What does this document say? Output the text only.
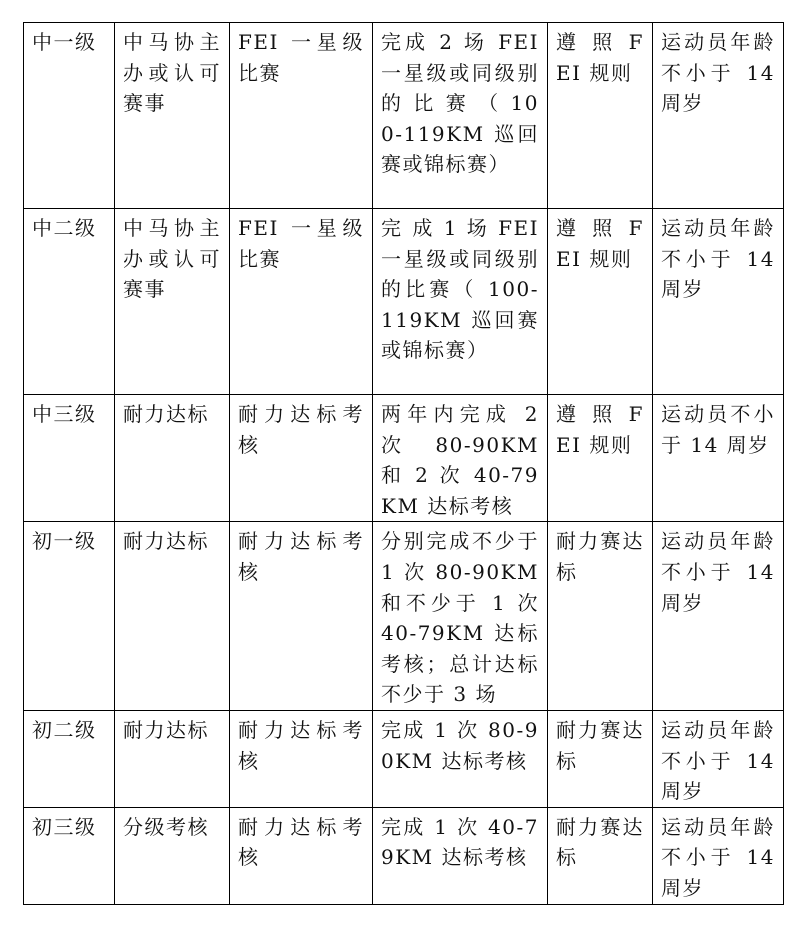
中一级	中马协主办或认可赛事	FEI 一星级比赛	完成 2 场 FEI 一星级或同级别 的 比 赛 （ 100-119KM 巡回赛或锦标赛）	遵 照 FEI 规则	运动员年龄不小于 14 周岁
中二级	中马协主办或认可赛事	FEI 一星级比赛	完 成 1 场 FEI 一星级或同级别的比赛（ 100-119KM 巡回赛或锦标赛）	遵 照 FEI 规则	运动员年龄不小于 14 周岁
中三级	耐力达标	耐力达标考核	两年内完成 2 次 80-90KM 和 2 次 40-79KM 达标考核	遵 照 FEI 规则	运动员不小于 14 周岁
初一级	耐力达标	耐力达标考核	分别完成不少于 1 次 80-90KM 和不少于 1 次 40-79KM 达标考核；总计达标不少于 3 场	耐力赛达标	运动员年龄不小于 14 周岁
初二级	耐力达标	耐力达标考核	完成 1 次 80-90KM 达标考核	耐力赛达标	运动员年龄不小于 14 周岁
初三级	分级考核	耐力达标考核	完成 1 次 40-79KM 达标考核	耐力赛达标	运动员年龄不小于 14 周岁
